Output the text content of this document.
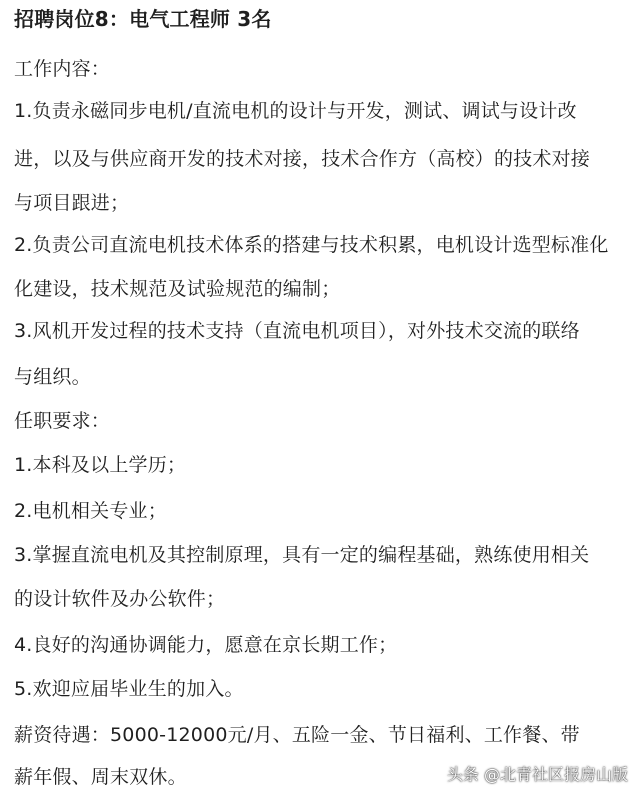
招聘岗位8：电气工程师 3名
工作内容：
1.负责永磁同步电机/直流电机的设计与开发，测试、调试与设计改
进，以及与供应商开发的技术对接，技术合作方（高校）的技术对接
与项目跟进；
2.负责公司直流电机技术体系的搭建与技术积累，电机设计选型标准化
化建设，技术规范及试验规范的编制；
3.风机开发过程的技术支持（直流电机项目），对外技术交流的联络
与组织。
任职要求：
1.本科及以上学历；
2.电机相关专业；
3.掌握直流电机及其控制原理，具有一定的编程基础，熟练使用相关
的设计软件及办公软件；
4.良好的沟通协调能力，愿意在京长期工作；
5.欢迎应届毕业生的加入。
薪资待遇：5000-12000元/月、五险一金、节日福利、工作餐、带
薪年假、周末双休。	头条 @北青社区报房山版
